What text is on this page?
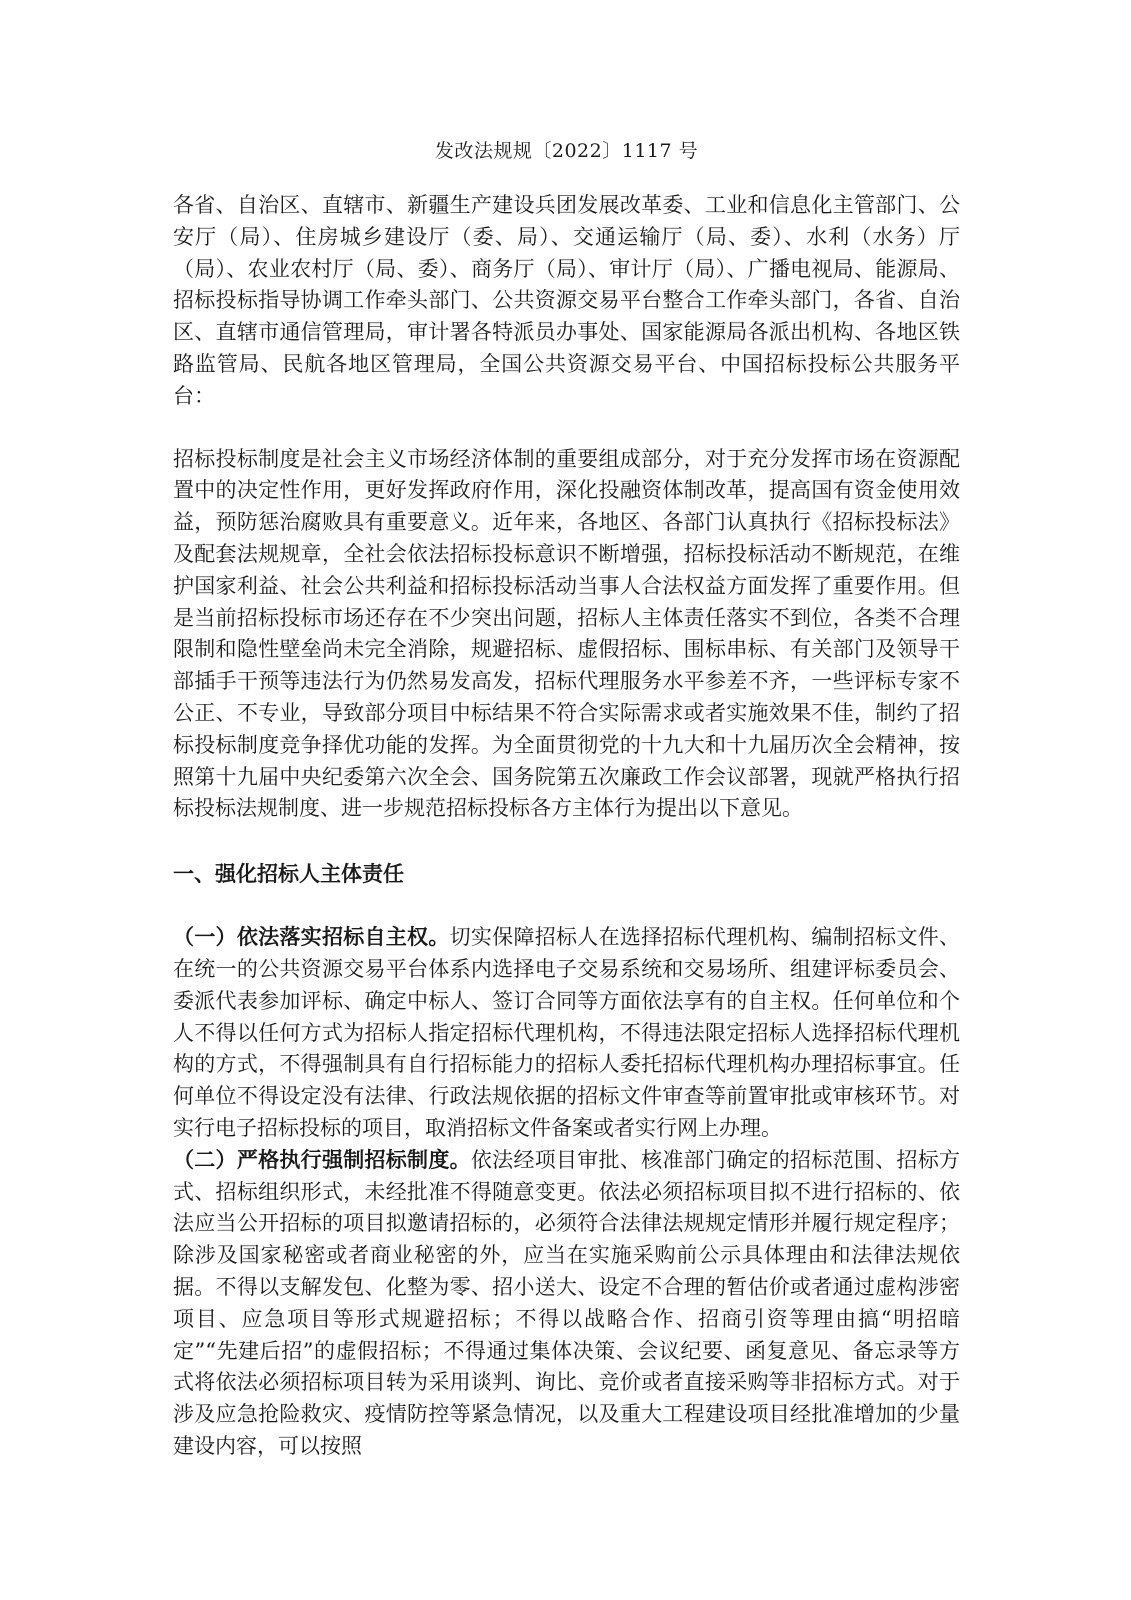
发改法规规〔2022〕1117 号

各省、自治区、直辖市、新疆生产建设兵团发展改革委、工业和信息化主管部门、公安厅（局）、住房城乡建设厅（委、局）、交通运输厅（局、委）、水利（水务）厅（局）、农业农村厅（局、委）、商务厅（局）、审计厅（局）、广播电视局、能源局、招标投标指导协调工作牵头部门、公共资源交易平台整合工作牵头部门，各省、自治区、直辖市通信管理局，审计署各特派员办事处、国家能源局各派出机构、各地区铁路监管局、民航各地区管理局，全国公共资源交易平台、中国招标投标公共服务平台：

招标投标制度是社会主义市场经济体制的重要组成部分，对于充分发挥市场在资源配置中的决定性作用，更好发挥政府作用，深化投融资体制改革，提高国有资金使用效益，预防惩治腐败具有重要意义。近年来，各地区、各部门认真执行《招标投标法》及配套法规规章，全社会依法招标投标意识不断增强，招标投标活动不断规范，在维护国家利益、社会公共利益和招标投标活动当事人合法权益方面发挥了重要作用。但是当前招标投标市场还存在不少突出问题，招标人主体责任落实不到位，各类不合理限制和隐性壁垒尚未完全消除，规避招标、虚假招标、围标串标、有关部门及领导干部插手干预等违法行为仍然易发高发，招标代理服务水平参差不齐，一些评标专家不公正、不专业，导致部分项目中标结果不符合实际需求或者实施效果不佳，制约了招标投标制度竞争择优功能的发挥。为全面贯彻党的十九大和十九届历次全会精神，按照第十九届中央纪委第六次全会、国务院第五次廉政工作会议部署，现就严格执行招标投标法规制度、进一步规范招标投标各方主体行为提出以下意见。

一、强化招标人主体责任

（一）依法落实招标自主权。切实保障招标人在选择招标代理机构、编制招标文件、在统一的公共资源交易平台体系内选择电子交易系统和交易场所、组建评标委员会、委派代表参加评标、确定中标人、签订合同等方面依法享有的自主权。任何单位和个人不得以任何方式为招标人指定招标代理机构，不得违法限定招标人选择招标代理机构的方式，不得强制具有自行招标能力的招标人委托招标代理机构办理招标事宜。任何单位不得设定没有法律、行政法规依据的招标文件审查等前置审批或审核环节。对实行电子招标投标的项目，取消招标文件备案或者实行网上办理。

（二）严格执行强制招标制度。依法经项目审批、核准部门确定的招标范围、招标方式、招标组织形式，未经批准不得随意变更。依法必须招标项目拟不进行招标的、依法应当公开招标的项目拟邀请招标的，必须符合法律法规规定情形并履行规定程序；除涉及国家秘密或者商业秘密的外，应当在实施采购前公示具体理由和法律法规依据。不得以支解发包、化整为零、招小送大、设定不合理的暂估价或者通过虚构涉密项目、应急项目等形式规避招标；不得以战略合作、招商引资等理由搞“明招暗定”“先建后招”的虚假招标；不得通过集体决策、会议纪要、函复意见、备忘录等方式将依法必须招标项目转为采用谈判、询比、竞价或者直接采购等非招标方式。对于涉及应急抢险救灾、疫情防控等紧急情况，以及重大工程建设项目经批准增加的少量建设内容，可以按照
